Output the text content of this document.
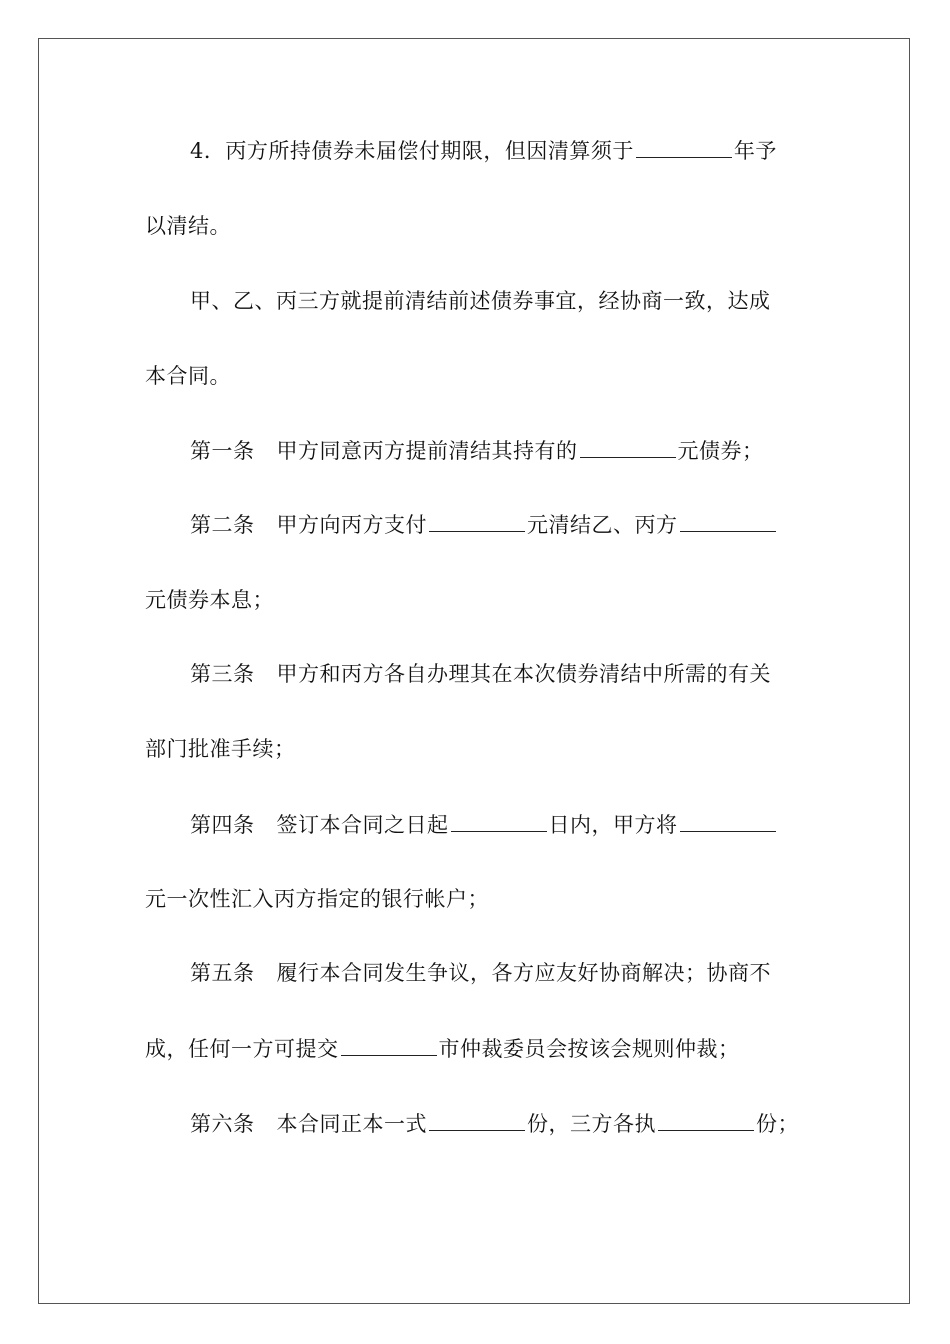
4．丙方所持债券未届偿付期限，但因清算须于	年予
以清结。
甲、乙、丙三方就提前清结前述债券事宜，经协商一致，达成
本合同。
第一条 甲方同意丙方提前清结其持有的	元债券；
第二条 甲方向丙方支付	元清结乙、丙方
元债券本息；
第三条 甲方和丙方各自办理其在本次债券清结中所需的有关
部门批准手续；
第四条 签订本合同之日起	日内，甲方将
元一次性汇入丙方指定的银行帐户；
第五条 履行本合同发生争议，各方应友好协商解决；协商不
成，任何一方可提交	市仲裁委员会按该会规则仲裁；
第六条 本合同正本一式	份，三方各执	份；
